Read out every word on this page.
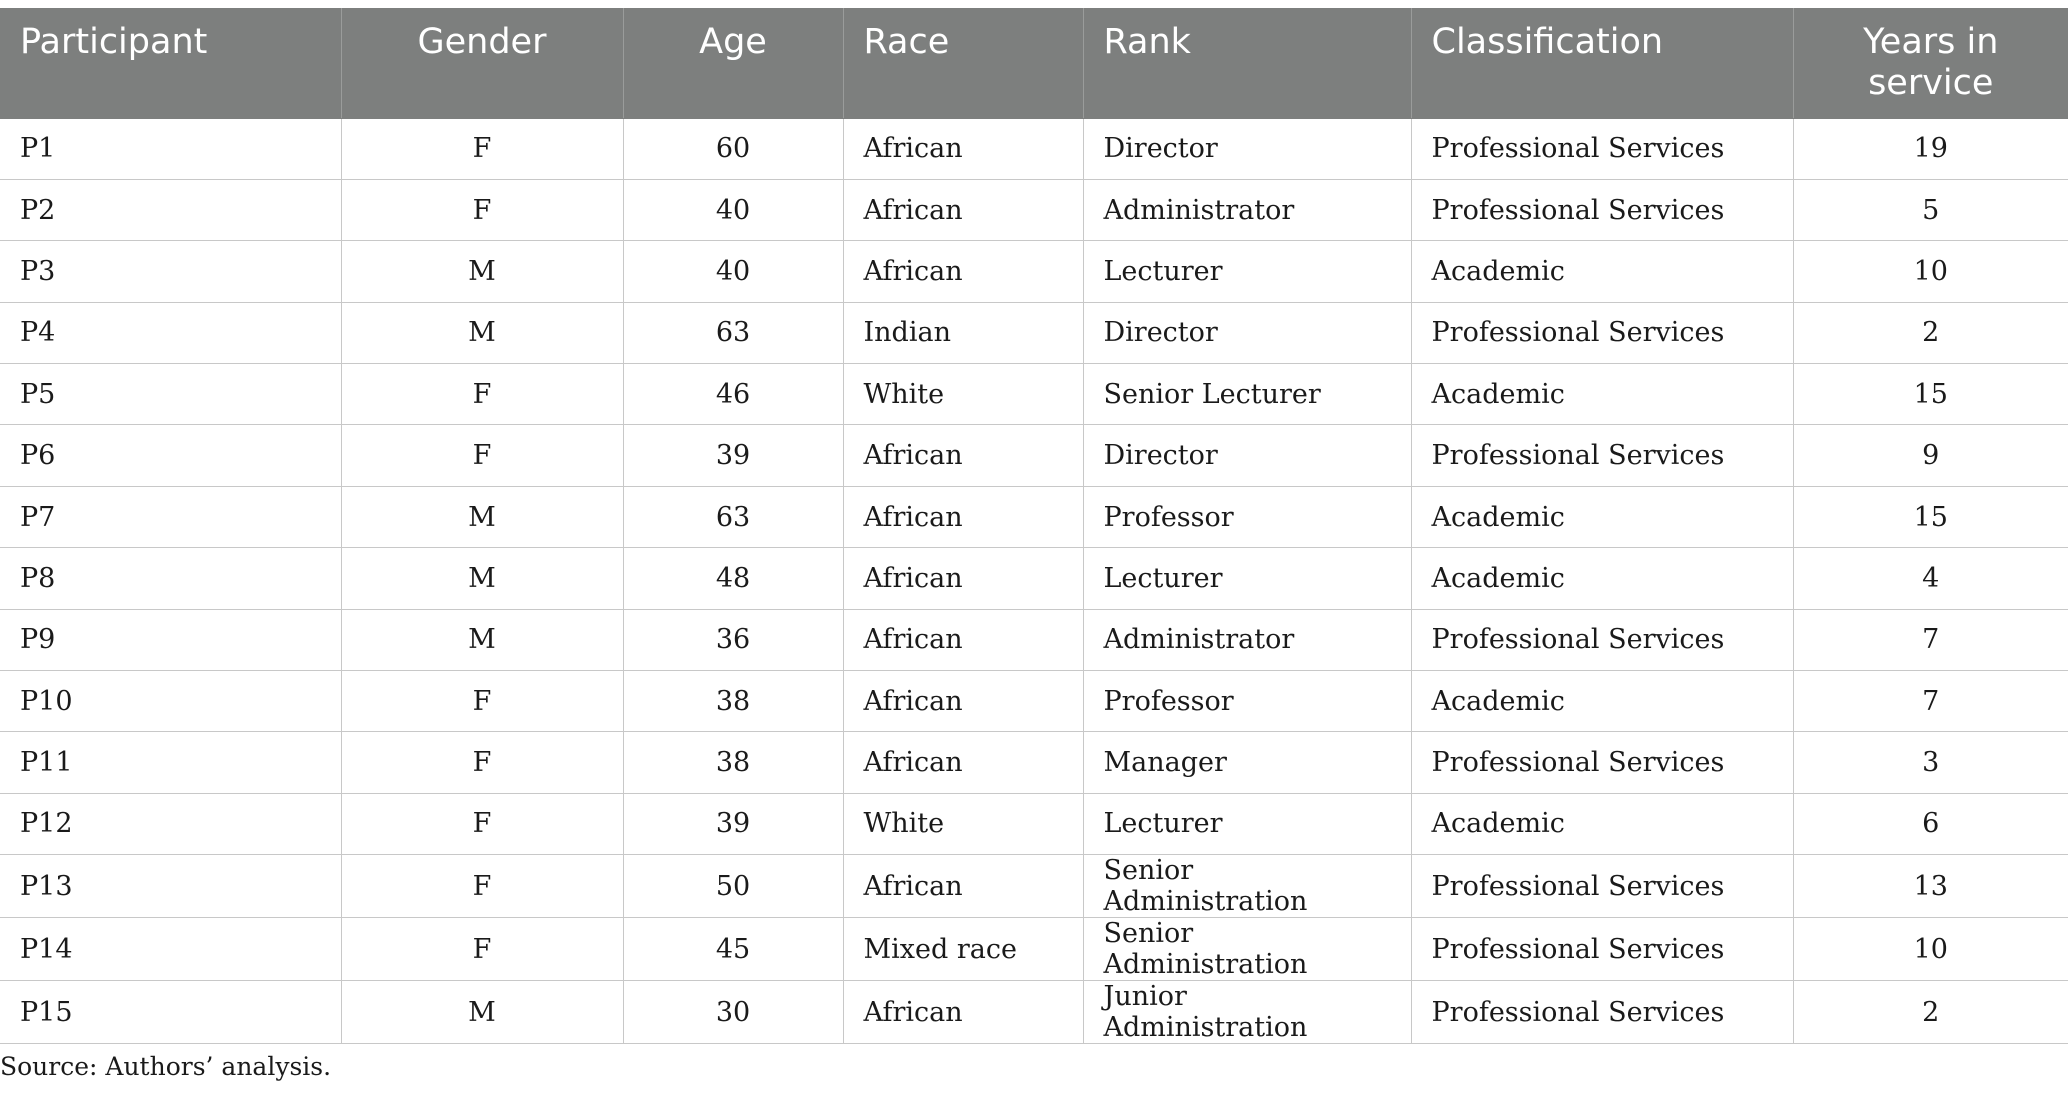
Participant	Gender	Age	Race	Rank	Classification	Years in service
P1	F	60	African	Director	Professional Services	19
P2	F	40	African	Administrator	Professional Services	5
P3	M	40	African	Lecturer	Academic	10
P4	M	63	Indian	Director	Professional Services	2
P5	F	46	White	Senior Lecturer	Academic	15
P6	F	39	African	Director	Professional Services	9
P7	M	63	African	Professor	Academic	15
P8	M	48	African	Lecturer	Academic	4
P9	M	36	African	Administrator	Professional Services	7
P10	F	38	African	Professor	Academic	7
P11	F	38	African	Manager	Professional Services	3
P12	F	39	White	Lecturer	Academic	6
P13	F	50	African	Senior Administration	Professional Services	13
P14	F	45	Mixed race	Senior Administration	Professional Services	10
P15	M	30	African	Junior Administration	Professional Services	2
Source: Authors’ analysis.
